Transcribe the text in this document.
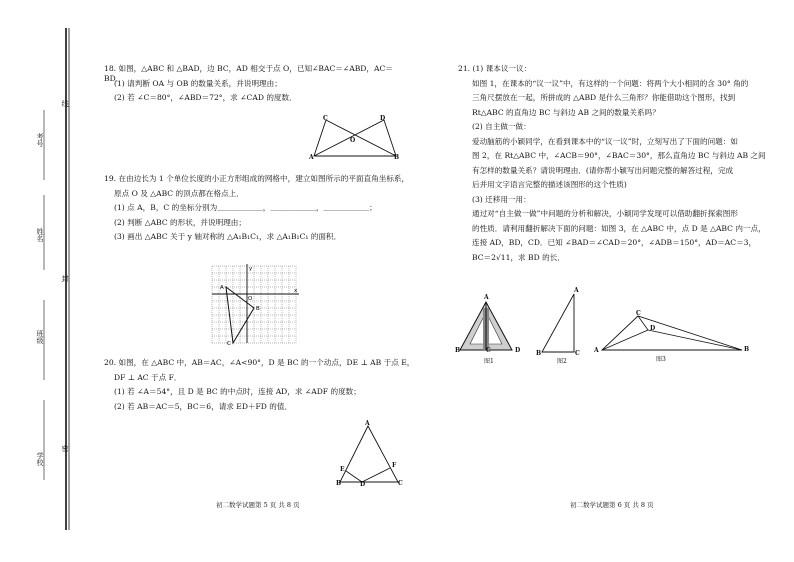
线
考号
姓名
封
班级
学校
密
18. 如图，△ABC 和 △BAD，边 BC，AD 相交于点 O，已知∠BAC＝∠ABD，AC＝BD．
(1) 请判断 OA 与 OB 的数量关系，并说明理由；
(2) 若 ∠C＝80°，∠ABD＝72°，求 ∠CAD 的度数．
C	D
O
A	B
19. 在由边长为 1 个单位长度的小正方形组成的网格中，建立如图所示的平面直角坐标系，
原点 O 及 △ABC 的顶点都在格点上．
(1) 点 A，B，C 的坐标分别为＿＿＿＿＿＿，＿＿＿＿＿＿，＿＿＿＿＿＿；
(2) 判断 △ABC 的形状，并说明理由；
(3) 画出 △ABC 关于 y 轴对称的 △A₁B₁C₁，求 △A₁B₁C₁ 的面积．
y
x
A
B
C
O
20. 如图，在 △ABC 中，AB＝AC，∠A<90°，D 是 BC 的一个动点，DE ⊥ AB 于点 E，
DF ⊥ AC 于点 F．
(1) 若 ∠A＝54°，且 D 是 BC 的中点时，连接 AD，求 ∠ADF 的度数；
(2) 若 AB＝AC＝5，BC＝6，请求 ED＋FD 的值．
A
E
F
B	D	C
初二数学试题第 5 页 共 8 页
21. (1) 课本议一议：
如图 1，在课本的“议一议”中，有这样的一个问题：将两个大小相同的含 30° 角的
三角尺摆放在一起，所拼成的 △ABD 是什么三角形？你能借助这个图形，找到
Rt△ABC 的直角边 BC 与斜边 AB 之间的数量关系吗？
(2) 自主做一做：
爱动脑筋的小颖同学，在看到课本中的“议一议”时，立刻写出了下面的问题：如
图 2，在 Rt△ABC 中，∠ACB＝90°，∠BAC＝30°，那么直角边 BC 与斜边 AB 之间
有怎样的数量关系？请说明理由．(请你帮小颖写出问题完整的解答过程，完成
后并用文字语言完整的描述该图形的这个性质)
(3) 迁移用一用：
通过对“自主做一做”中问题的分析和解决，小颖同学发现可以借助翻折探索图形
的性质．请利用翻折解决下面的问题：如图 3，在 △ABC 中，点 D 是 △ABC 内一点，
连接 AD，BD，CD．已知 ∠BAD＝∠CAD＝20°，∠ADB＝150°，AD＝AC＝3，
BC＝2√11，求 BD 的长．
A
B	C	D
图1
A
B	C
图2
C
D
A	B
图3
初二数学试题第 6 页 共 8 页
